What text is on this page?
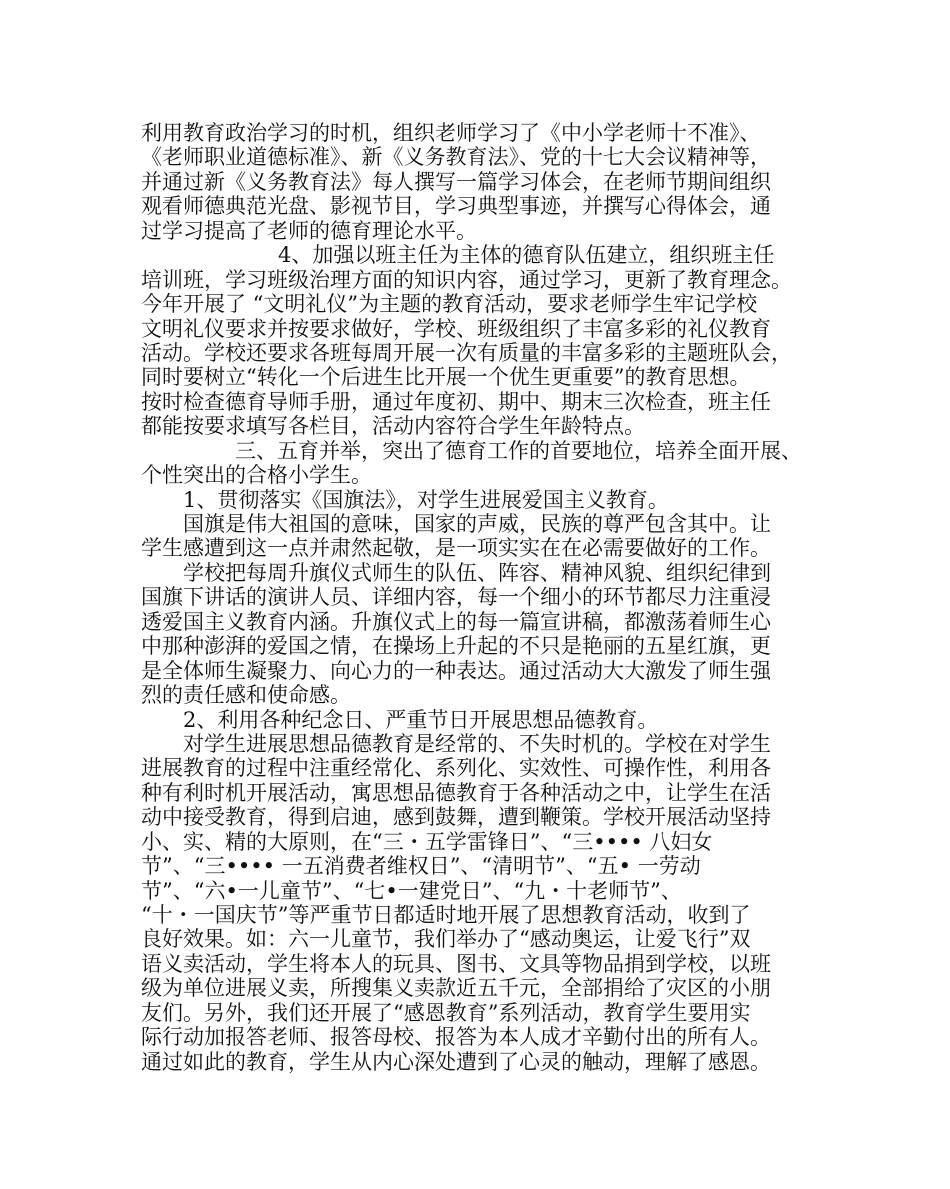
利用教育政治学习的时机，组织老师学习了《中小学老师十不准》、
《老师职业道德标准》、新《义务教育法》、党的十七大会议精神等，
并通过新《义务教育法》每人撰写一篇学习体会，在老师节期间组织
观看师德典范光盘、影视节目，学习典型事迹，并撰写心得体会，通
过学习提高了老师的德育理论水平。
4、加强以班主任为主体的德育队伍建立，组织班主任
培训班，学习班级治理方面的知识内容，通过学习，更新了教育理念。
今年开展了 “文明礼仪”为主题的教育活动，要求老师学生牢记学校
文明礼仪要求并按要求做好，学校、班级组织了丰富多彩的礼仪教育
活动。学校还要求各班每周开展一次有质量的丰富多彩的主题班队会，
同时要树立“转化一个后进生比开展一个优生更重要”的教育思想。
按时检查德育导师手册，通过年度初、期中、期末三次检查，班主任
都能按要求填写各栏目，活动内容符合学生年龄特点。
三、五育并举，突出了德育工作的首要地位，培养全面开展、
个性突出的合格小学生。
1、贯彻落实《国旗法》，对学生进展爱国主义教育。
国旗是伟大祖国的意味，国家的声威，民族的尊严包含其中。让
学生感遭到这一点并肃然起敬，是一项实实在在必需要做好的工作。
学校把每周升旗仪式师生的队伍、阵容、精神风貌、组织纪律到
国旗下讲话的演讲人员、详细内容，每一个细小的环节都尽力注重浸
透爱国主义教育内涵。升旗仪式上的每一篇宣讲稿，都激荡着师生心
中那种澎湃的爱国之情，在操场上升起的不只是艳丽的五星红旗，更
是全体师生凝聚力、向心力的一种表达。通过活动大大激发了师生强
烈的责任感和使命感。
2、利用各种纪念日、严重节日开展思想品德教育。
对学生进展思想品德教育是经常的、不失时机的。学校在对学生
进展教育的过程中注重经常化、系列化、实效性、可操作性，利用各
种有利时机开展活动，寓思想品德教育于各种活动之中，让学生在活
动中接受教育，得到启迪，感到鼓舞，遭到鞭策。学校开展活动坚持
小、实、精的大原则，在“三・五学雷锋日”、“三•••• 八妇女
节”、“三•••• 一五消费者维权日”、“清明节”、“五• 一劳动
节”、“六•一儿童节”、“七•一建党日”、“九・十老师节”、
“十・一国庆节”等严重节日都适时地开展了思想教育活动，收到了
良好效果。如：六一儿童节，我们举办了“感动奥运，让爱飞行”双
语义卖活动，学生将本人的玩具、图书、文具等物品捐到学校，以班
级为单位进展义卖，所搜集义卖款近五千元，全部捐给了灾区的小朋
友们。另外，我们还开展了“感恩教育”系列活动，教育学生要用实
际行动加报答老师、报答母校、报答为本人成才辛勤付出的所有人。
通过如此的教育，学生从内心深处遭到了心灵的触动，理解了感恩。
